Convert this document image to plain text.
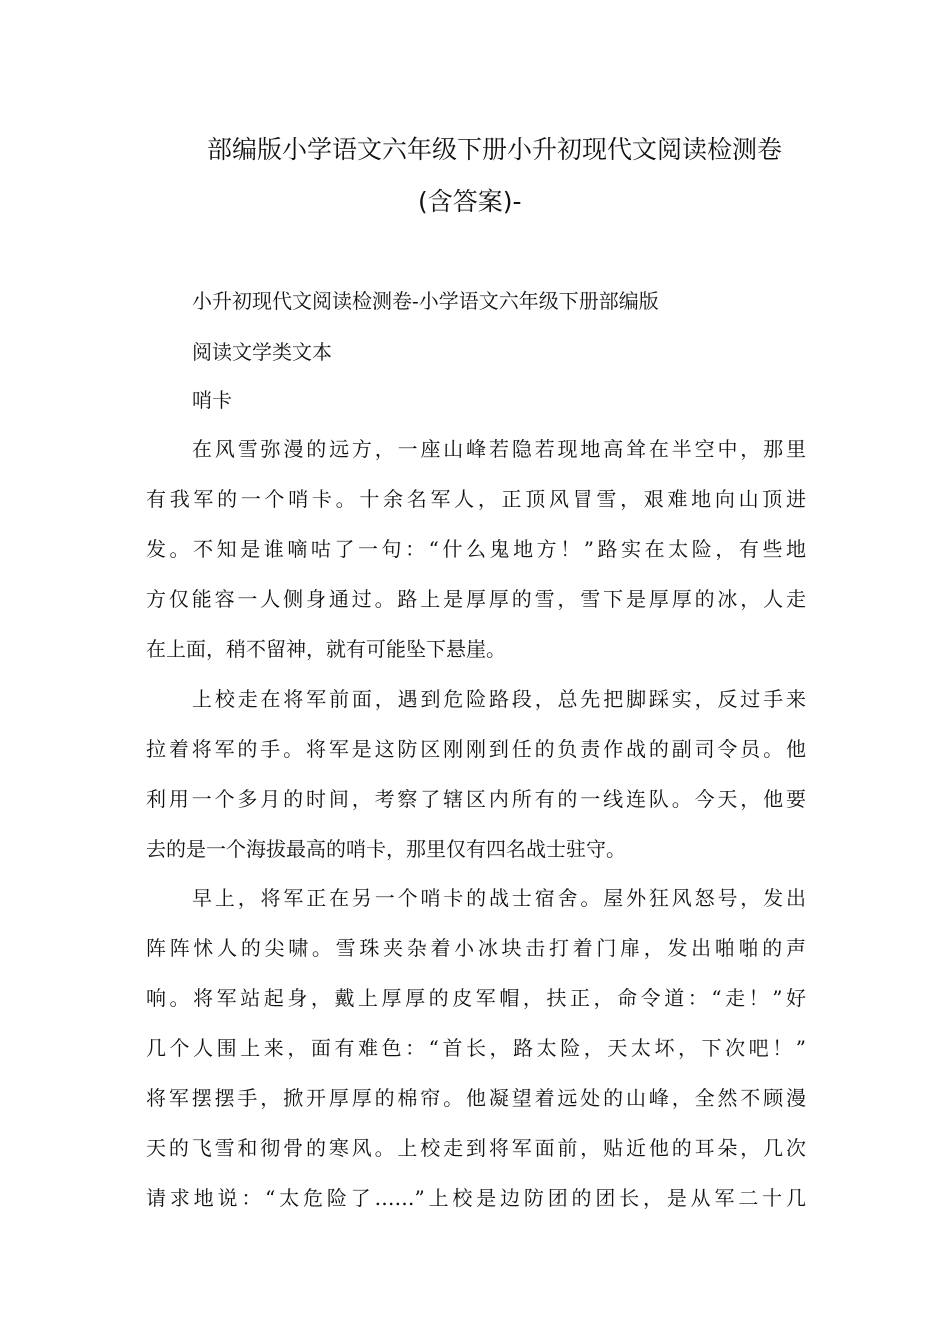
部编版小学语文六年级下册小升初现代文阅读检测卷
(含答案)-
小升初现代文阅读检测卷-小学语文六年级下册部编版
阅读文学类文本
哨卡
在风雪弥漫的远方，一座山峰若隐若现地高耸在半空中，那里
有我军的一个哨卡。十余名军人，正顶风冒雪，艰难地向山顶进
发。不知是谁嘀咕了一句：“什么鬼地方！”路实在太险，有些地
方仅能容一人侧身通过。路上是厚厚的雪，雪下是厚厚的冰，人走
在上面，稍不留神，就有可能坠下悬崖。
上校走在将军前面，遇到危险路段，总先把脚踩实，反过手来
拉着将军的手。将军是这防区刚刚到任的负责作战的副司令员。他
利用一个多月的时间，考察了辖区内所有的一线连队。今天，他要
去的是一个海拔最高的哨卡，那里仅有四名战士驻守。
早上，将军正在另一个哨卡的战士宿舍。屋外狂风怒号，发出
阵阵怵人的尖啸。雪珠夹杂着小冰块击打着门扉，发出啪啪的声
响。将军站起身，戴上厚厚的皮军帽，扶正，命令道：“走！”好
几个人围上来，面有难色：“首长，路太险，天太坏，下次吧！”
将军摆摆手，掀开厚厚的棉帘。他凝望着远处的山峰，全然不顾漫
天的飞雪和彻骨的寒风。上校走到将军面前，贴近他的耳朵，几次
请求地说：“太危险了……”上校是边防团的团长，是从军二十几
